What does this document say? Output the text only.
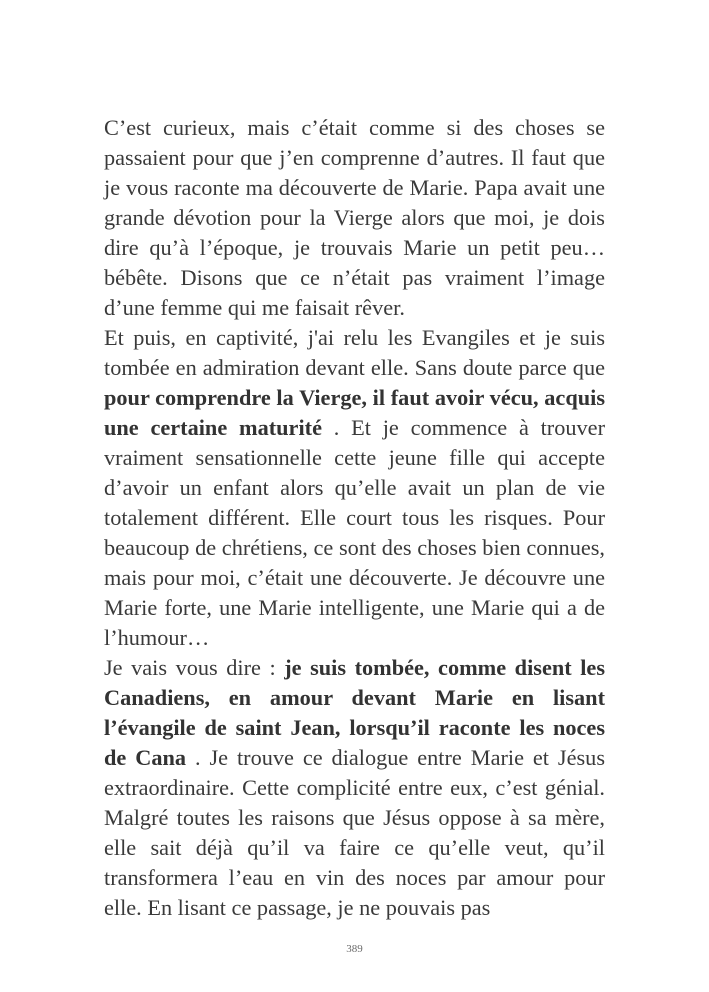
C’est curieux, mais c’était comme si des choses se passaient pour que j’en comprenne d’autres. Il faut que je vous raconte ma découverte de Marie. Papa avait une grande dévotion pour la Vierge alors que moi, je dois dire qu’à l’époque, je trouvais Marie un petit peu… bébête. Disons que ce n’était pas vraiment l’image d’une femme qui me faisait rêver.

Et puis, en captivité, j'ai relu les Evangiles et je suis tombée en admiration devant elle. Sans doute parce que pour comprendre la Vierge, il faut avoir vécu, acquis une certaine maturité . Et je commence à trouver vraiment sensationnelle cette jeune fille qui accepte d’avoir un enfant alors qu’elle avait un plan de vie totalement différent. Elle court tous les risques. Pour beaucoup de chrétiens, ce sont des choses bien connues, mais pour moi, c’était une découverte. Je découvre une Marie forte, une Marie intelligente, une Marie qui a de l’humour…

Je vais vous dire : je suis tombée, comme disent les Canadiens, en amour devant Marie en lisant l’évangile de saint Jean, lorsqu’il raconte les noces de Cana . Je trouve ce dialogue entre Marie et Jésus extraordinaire. Cette complicité entre eux, c’est génial. Malgré toutes les raisons que Jésus oppose à sa mère, elle sait déjà qu’il va faire ce qu’elle veut, qu’il transformera l’eau en vin des noces par amour pour elle. En lisant ce passage, je ne pouvais pas

389
